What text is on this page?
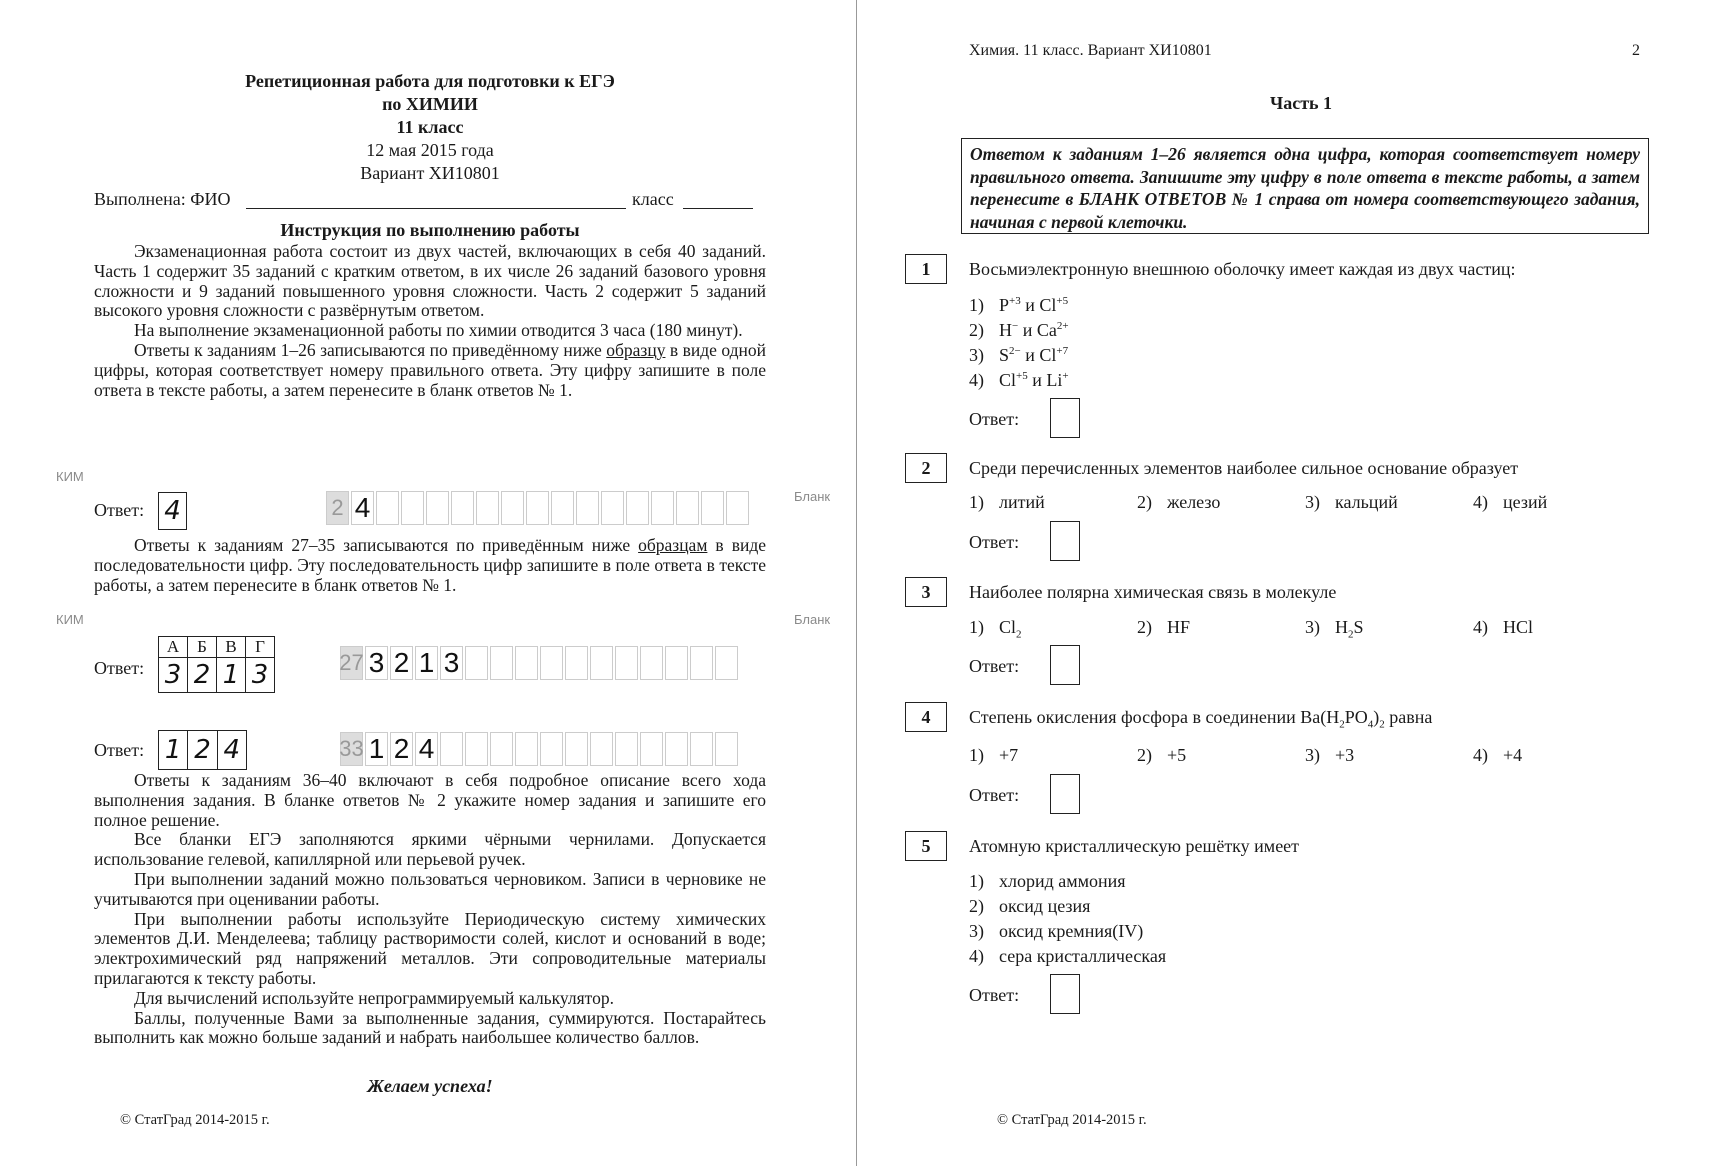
Репетиционная работа для подготовки к ЕГЭ
по ХИМИИ
11 класс
12 мая 2015 года
Вариант ХИ10801
Выполнена: ФИО	класс
Инструкция по выполнению работы

Экзаменационная работа состоит из двух частей, включающих в себя 40 заданий. Часть 1 содержит 35 заданий с кратким ответом, в их числе 26 заданий базового уровня сложности и 9 заданий повышенного уровня сложности. Часть 2 содержит 5 заданий высокого уровня сложности с развёрнутым ответом.

На выполнение экзаменационной работы по химии отводится 3 часа (180 минут).

Ответы к заданиям 1–26 записываются по приведённому ниже образцу в виде одной цифры, которая соответствует номеру правильного ответа. Эту цифру запишите в поле ответа в тексте работы, а затем перенесите в бланк ответов № 1.

КИМ
Бланк
Ответ: 4	2 4

Ответы к заданиям 27–35 записываются по приведённым ниже образцам в виде последовательности цифр. Эту последовательность цифр запишите в поле ответа в тексте работы, а затем перенесите в бланк ответов № 1.

КИМ	Бланк
Ответ:
А	Б	В	Г
3	2	1	3	27 3 2 1 3
Ответ: 1 2 4	33 1 2 4

Ответы к заданиям 36–40 включают в себя подробное описание всего хода выполнения задания. В бланке ответов № 2 укажите номер задания и запишите его полное решение.

Все бланки ЕГЭ заполняются яркими чёрными чернилами. Допускается использование гелевой, капиллярной или перьевой ручек.

При выполнении заданий можно пользоваться черновиком. Записи в черновике не учитываются при оценивании работы.

При выполнении работы используйте Периодическую систему химических элементов Д.И. Менделеева; таблицу растворимости солей, кислот и оснований в воде; электрохимический ряд напряжений металлов. Эти сопроводительные материалы прилагаются к тексту работы.

Для вычислений используйте непрограммируемый калькулятор.

Баллы, полученные Вами за выполненные задания, суммируются. Постарайтесь выполнить как можно больше заданий и набрать наибольшее количество баллов.

Желаем успеха!
© СтатГрад 2014-2015 г.
Химия. 11 класс. Вариант ХИ10801	2
Часть 1
Ответом к заданиям 1–26 является одна цифра, которая соответствует номеру правильного ответа. Запишите эту цифру в поле ответа в тексте работы, а затем перенесите в БЛАНК ОТВЕТОВ № 1 справа от номера соответствующего задания, начиная с первой клеточки.
1	Восьмиэлектронную внешнюю оболочку имеет каждая из двух частиц:
1) $P^{+3}$ и $Cl^{+5}$
2) H− и $Ca^{2+}$
3) $S^{2-}$ и $Cl^{+7}$
4) $Cl^{+5}$ и Li+
Ответ:
2	Среди перечисленных элементов наиболее сильное основание образует
1) литий	2) железо	3) кальций	4) цезий
Ответ:
3	Наиболее полярна химическая связь в молекуле
1) $Cl_2$	2) HF	3) $H_2S$	4) HCl
Ответ:
4	Степень окисления фосфора в соединении $Ba(H_2PO_4)_2$ равна
1) +7	2) +5	3) +3	4) +4
Ответ:
5	Атомную кристаллическую решётку имеет
1) хлорид аммония
2) оксид цезия
3) оксид кремния(IV)
4) сера кристаллическая
Ответ:
© СтатГрад 2014-2015 г.
